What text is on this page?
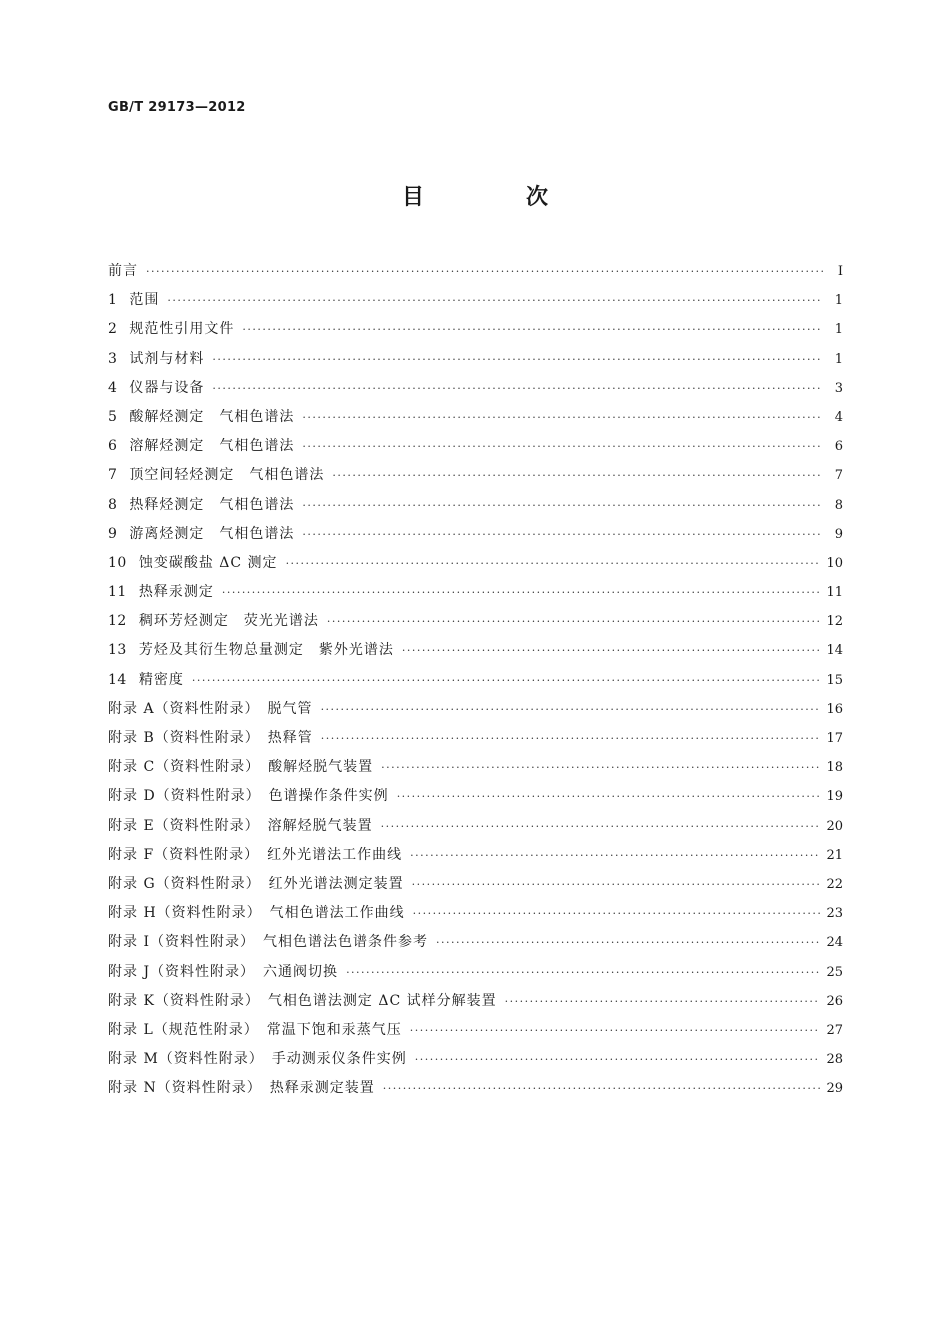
GB/T 29173—2012
目　次
前言 ·····	Ⅰ
1 范围 ·····	1
2 规范性引用文件 ·····	1
3 试剂与材料 ·····	1
4 仪器与设备 ·····	3
5 酸解烃测定　气相色谱法 ·····	4
6 溶解烃测定　气相色谱法 ·····	6
7 顶空间轻烃测定　气相色谱法 ·····	7
8 热释烃测定　气相色谱法 ·····	8
9 游离烃测定　气相色谱法 ·····	9
10 蚀变碳酸盐 ΔC 测定 ·····	10
11 热释汞测定 ·····	11
12 稠环芳烃测定　荧光光谱法 ·····	12
13 芳烃及其衍生物总量测定　紫外光谱法 ·····	14
14 精密度 ·····	15
附录 A（资料性附录）　脱气管 ·····	16
附录 B（资料性附录）　热释管 ·····	17
附录 C（资料性附录）　酸解烃脱气装置 ·····	18
附录 D（资料性附录）　色谱操作条件实例 ·····	19
附录 E（资料性附录）　溶解烃脱气装置 ·····	20
附录 F（资料性附录）　红外光谱法工作曲线 ·····	21
附录 G（资料性附录）　红外光谱法测定装置 ·····	22
附录 H（资料性附录）　气相色谱法工作曲线 ·····	23
附录 I（资料性附录）　气相色谱法色谱条件参考 ·····	24
附录 J（资料性附录）　六通阀切换 ·····	25
附录 K（资料性附录）　气相色谱法测定 ΔC 试样分解装置 ·····	26
附录 L（规范性附录）　常温下饱和汞蒸气压 ·····	27
附录 M（资料性附录）　手动测汞仪条件实例 ·····	28
附录 N（资料性附录）　热释汞测定装置 ·····	29
